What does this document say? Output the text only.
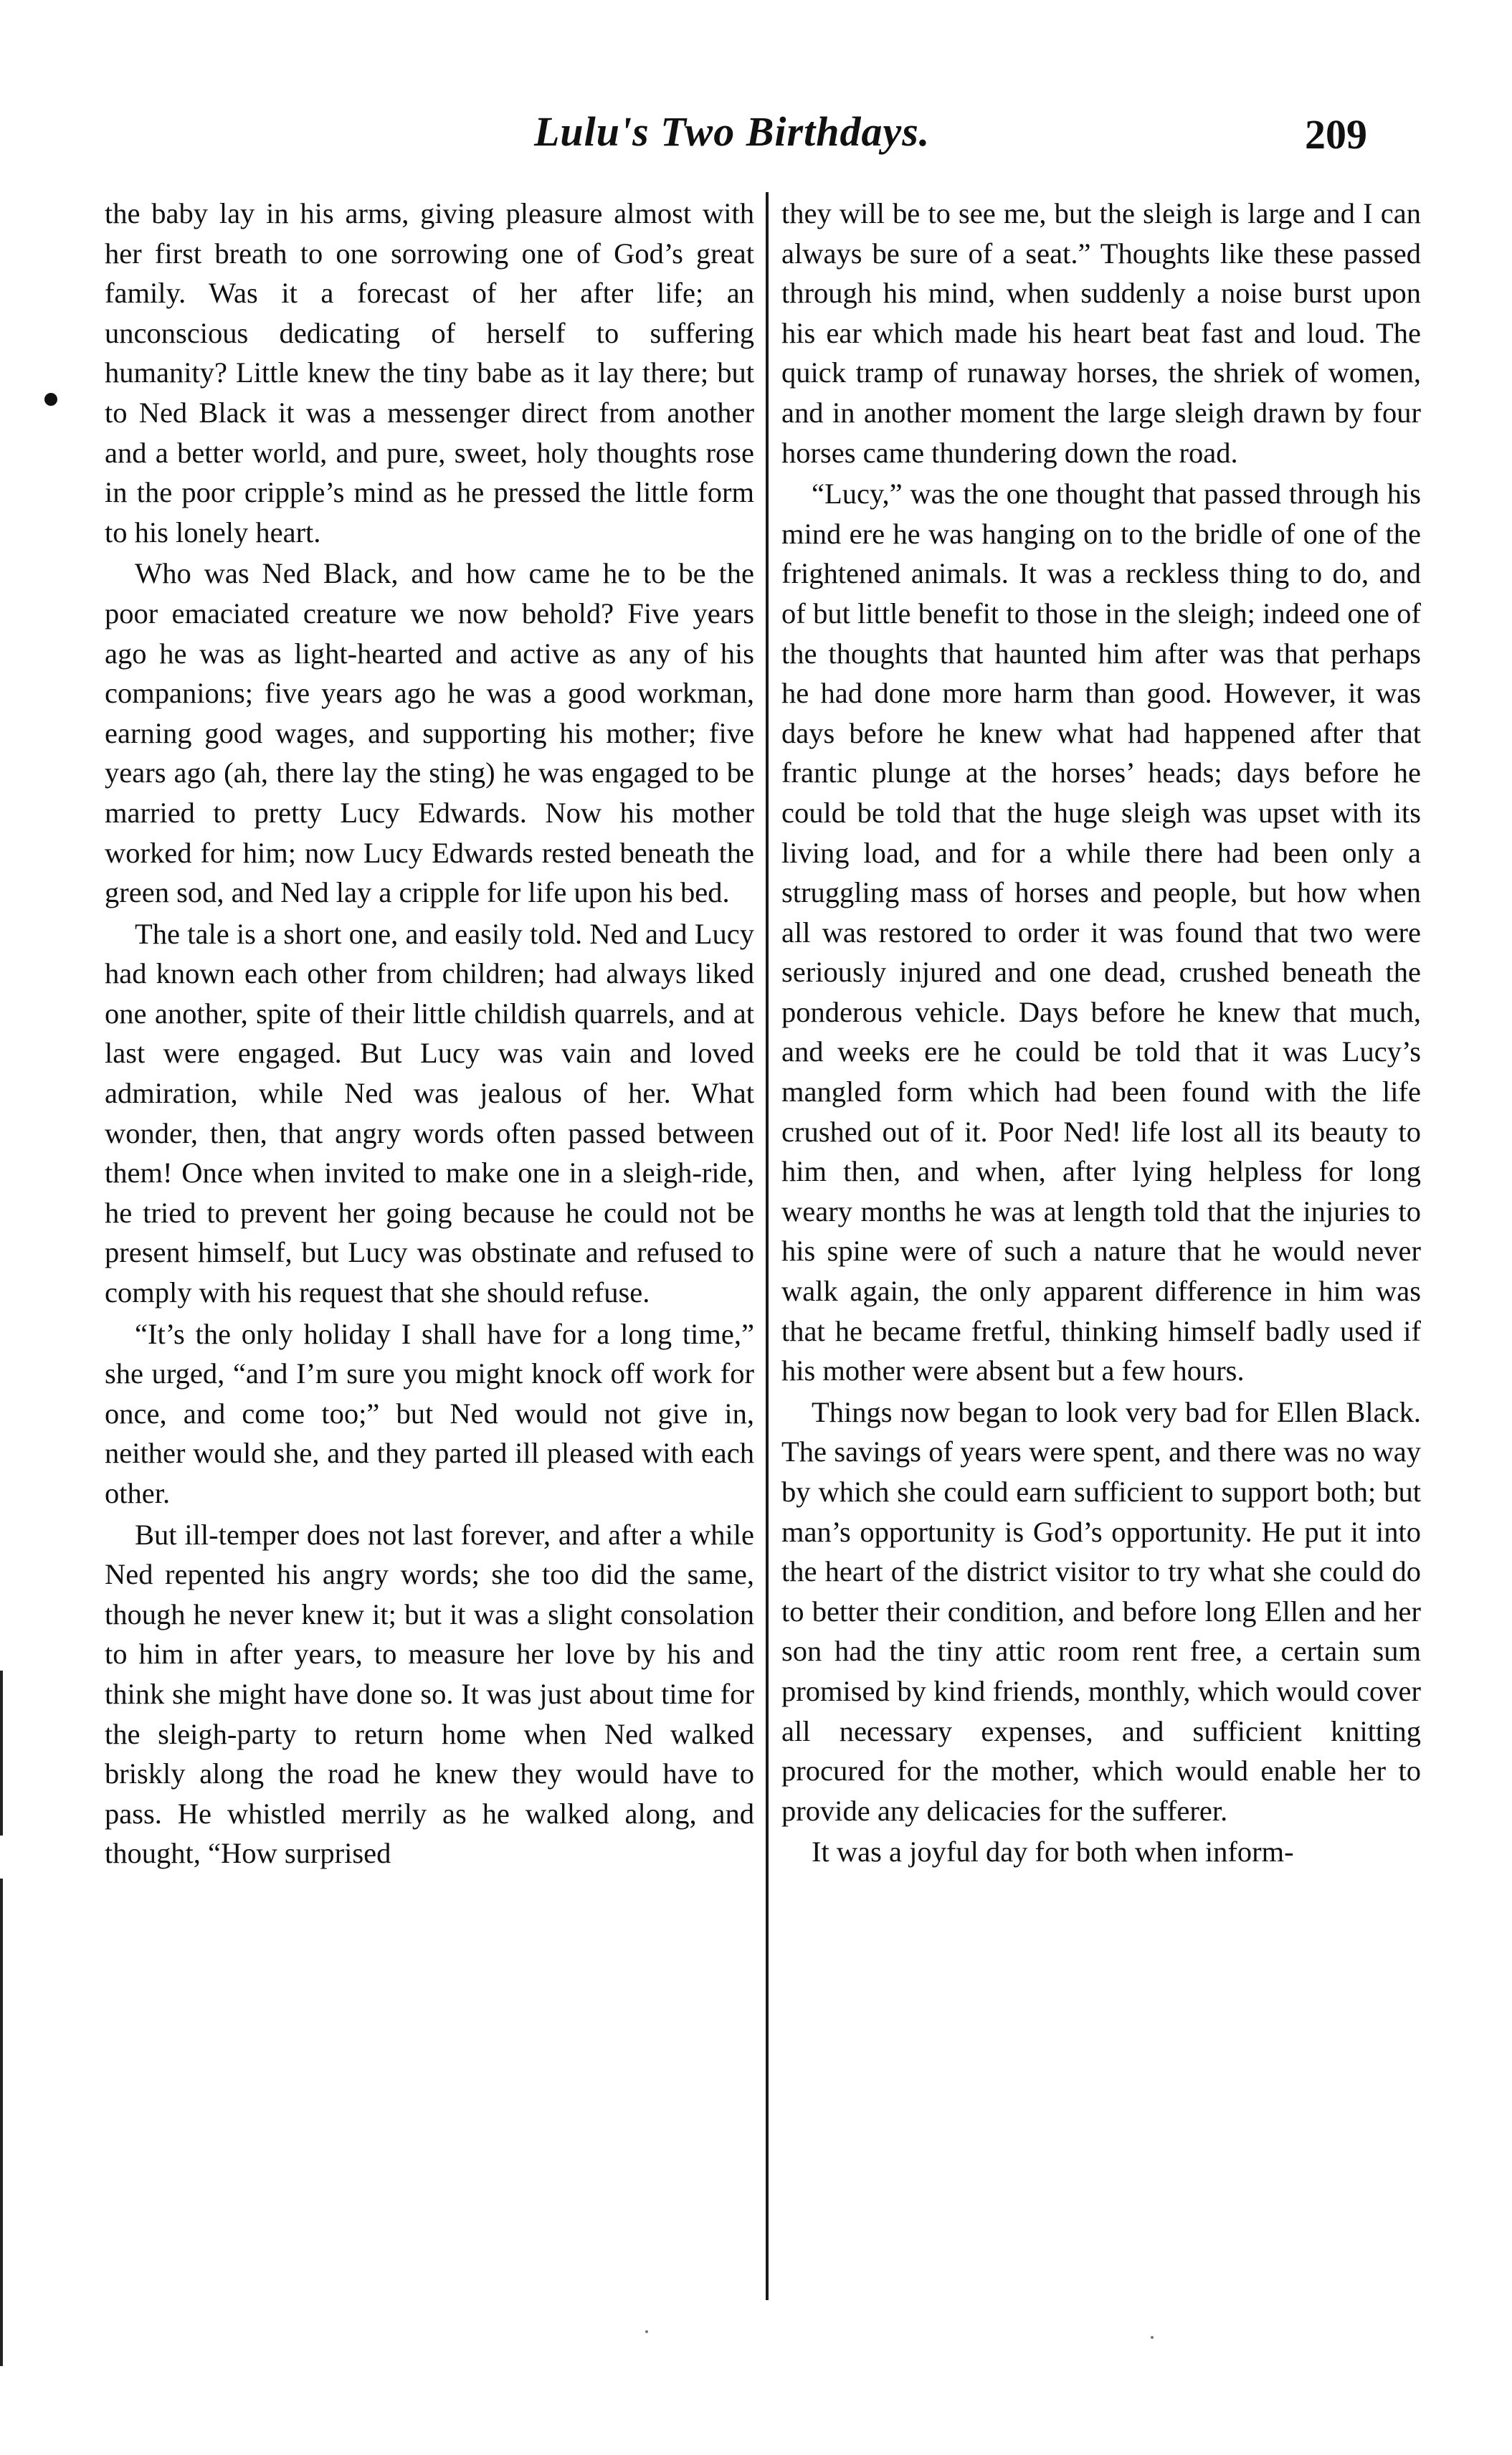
Lulu's Two Birthdays.	209

the baby lay in his arms, giving pleasure almost with her first breath to one sorrowing one of God’s great family. Was it a forecast of her after life; an unconscious dedicating of herself to suffering humanity? Little knew the tiny babe as it lay there; but to Ned Black it was a messenger direct from another and a better world, and pure, sweet, holy thoughts rose in the poor cripple’s mind as he pressed the little form to his lonely heart.

Who was Ned Black, and how came he to be the poor emaciated creature we now behold? Five years ago he was as light-hearted and active as any of his companions; five years ago he was a good workman, earning good wages, and supporting his mother; five years ago (ah, there lay the sting) he was engaged to be married to pretty Lucy Edwards. Now his mother worked for him; now Lucy Edwards rested beneath the green sod, and Ned lay a cripple for life upon his bed.

The tale is a short one, and easily told. Ned and Lucy had known each other from children; had always liked one another, spite of their little childish quarrels, and at last were engaged. But Lucy was vain and loved admiration, while Ned was jealous of her. What wonder, then, that angry words often passed between them! Once when invited to make one in a sleigh-ride, he tried to prevent her going because he could not be present himself, but Lucy was obstinate and refused to comply with his request that she should refuse.

“It’s the only holiday I shall have for a long time,” she urged, “and I’m sure you might knock off work for once, and come too;” but Ned would not give in, neither would she, and they parted ill pleased with each other.

But ill-temper does not last forever, and after a while Ned repented his angry words; she too did the same, though he never knew it; but it was a slight consolation to him in after years, to measure her love by his and think she might have done so. It was just about time for the sleigh-party to return home when Ned walked briskly along the road he knew they would have to pass. He whistled merrily as he walked along, and thought, “How surprised

they will be to see me, but the sleigh is large and I can always be sure of a seat.” Thoughts like these passed through his mind, when suddenly a noise burst upon his ear which made his heart beat fast and loud. The quick tramp of runaway horses, the shriek of women, and in another moment the large sleigh drawn by four horses came thundering down the road.

“Lucy,” was the one thought that passed through his mind ere he was hanging on to the bridle of one of the frightened animals. It was a reckless thing to do, and of but little benefit to those in the sleigh; indeed one of the thoughts that haunted him after was that perhaps he had done more harm than good. However, it was days before he knew what had happened after that frantic plunge at the horses’ heads; days before he could be told that the huge sleigh was upset with its living load, and for a while there had been only a struggling mass of horses and people, but how when all was restored to order it was found that two were seriously injured and one dead, crushed beneath the ponderous vehicle. Days before he knew that much, and weeks ere he could be told that it was Lucy’s mangled form which had been found with the life crushed out of it. Poor Ned! life lost all its beauty to him then, and when, after lying helpless for long weary months he was at length told that the injuries to his spine were of such a nature that he would never walk again, the only apparent difference in him was that he became fretful, thinking himself badly used if his mother were absent but a few hours.

Things now began to look very bad for Ellen Black. The savings of years were spent, and there was no way by which she could earn sufficient to support both; but man’s opportunity is God’s opportunity. He put it into the heart of the district visitor to try what she could do to better their condition, and before long Ellen and her son had the tiny attic room rent free, a certain sum promised by kind friends, monthly, which would cover all necessary expenses, and sufficient knitting procured for the mother, which would enable her to provide any delicacies for the sufferer.

It was a joyful day for both when inform-
